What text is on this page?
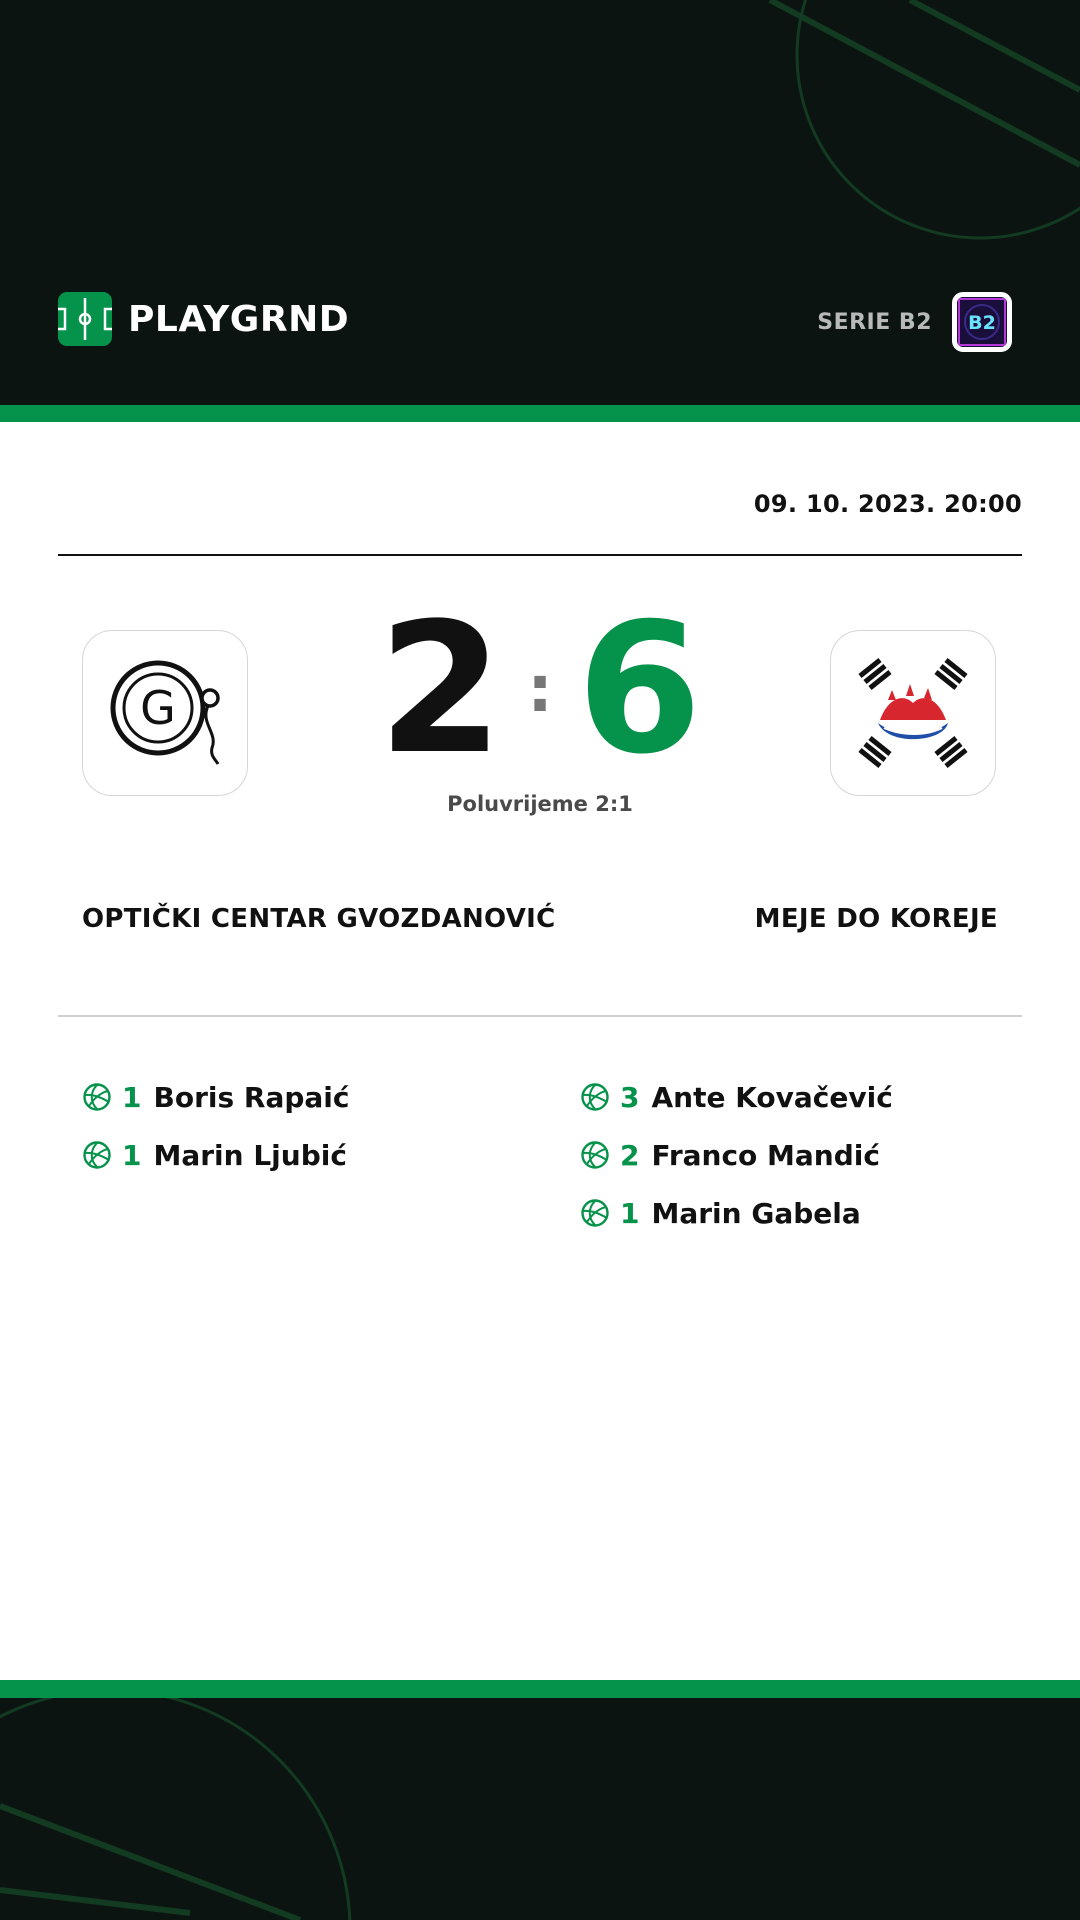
PLAYGRND	SERIE B2 B2
09. 10. 2023. 20:00
G	2 : 6
Poluvrijeme 2:1
OPTIČKI CENTAR GVOZDANOVIĆ	MEJE DO KOREJE
1 Boris Rapaić
1 Marin Ljubić
3 Ante Kovačević
2 Franco Mandić
1 Marin Gabela
